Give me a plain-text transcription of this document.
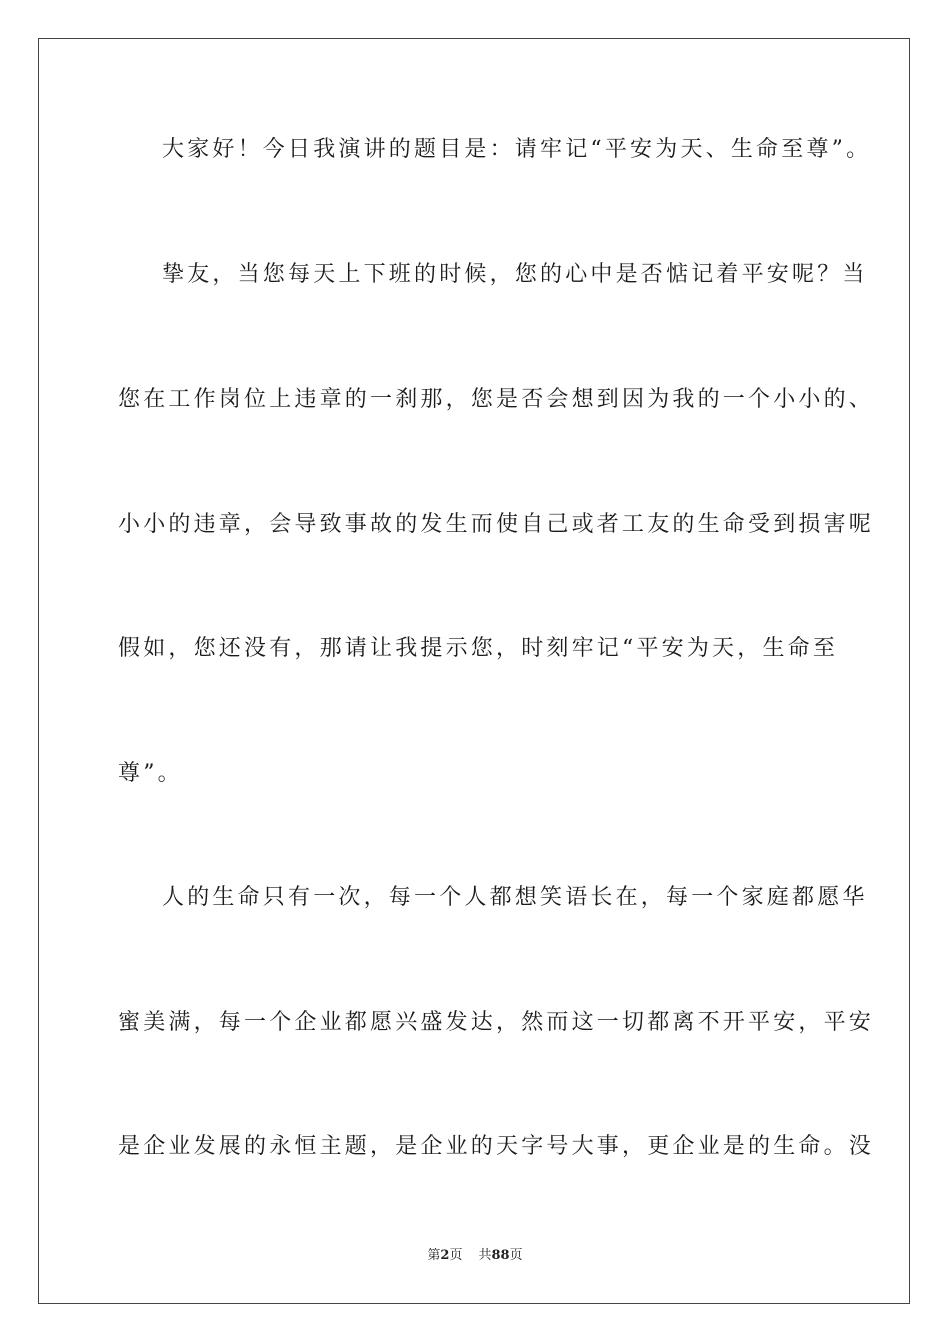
大家好！今日我演讲的题目是：请牢记“平安为天、生命至尊”。
挚友，当您每天上下班的时候，您的心中是否惦记着平安呢？当
您在工作岗位上违章的一刹那，您是否会想到因为我的一个小小的、
小小的违章，会导致事故的发生而使自己或者工友的生命受到损害呢
假如，您还没有，那请让我提示您，时刻牢记“平安为天，生命至
尊”。
人的生命只有一次，每一个人都想笑语长在，每一个家庭都愿华
蜜美满，每一个企业都愿兴盛发达，然而这一切都离不开平安，平安
是企业发展的永恒主题，是企业的天字号大事，更企业是的生命。没
第2页 共88页
